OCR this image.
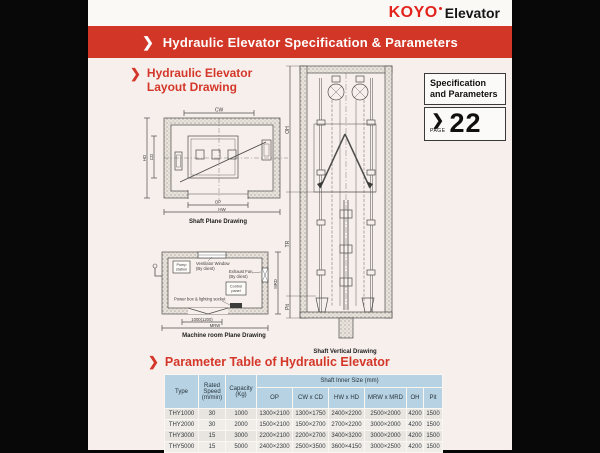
KOYO Elevator
❯ Hydraulic Elevator Specification & Parameters
❯ Hydraulic Elevator
Layout Drawing	Specification
and Parameters
❯
PAGE 22
CW
OP
HW
CD
HD
Shaft Plane Drawing
Pump
station
Ventilator Window
(By client)
Exhaust Fan
(By client)
Control
panel
Power box & lighting socket
1000(1200)
MRW
MRD
Machine room Plane Drawing
OH
TR
Pit
Shaft Vertical Drawing
❯ Parameter Table of Hydraulic Elevator
Type	Rated Speed (m/min)	Capacity (Kg)	Shaft Inner Size (mm)					
			OP	CW x CD	HW x HD	MRW x MRD	OH	Pit
THY1000	30	1000	1300×2100	1300×1750	2400×2200	2500×2000	4200	1500
THY2000	30	2000	1500×2100	1500×2700	2700×2200	3000×2000	4200	1500
THY3000	15	3000	2200×2100	2200×2700	3400×3200	3000×2000	4200	1500
THY5000	15	5000	2400×2300	2500×3500	3600×4150	3000×2500	4200	1500
